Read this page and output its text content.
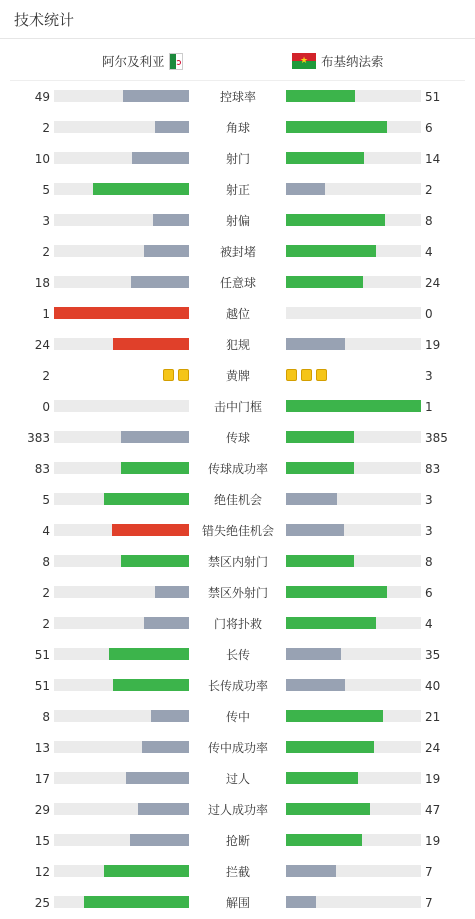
技术统计
阿尔及利亚	★ 布基纳法索
49	控球率	51
2	角球	6
10	射门	14
5	射正	2
3	射偏	8
2	被封堵	4
18	任意球	24
1	越位	0
24	犯规	19
2	黄牌	3
0	击中门框	1
383	传球	385
83	传球成功率	83
5	绝佳机会	3
4	错失绝佳机会	3
8	禁区内射门	8
2	禁区外射门	6
2	门将扑救	4
51	长传	35
51	长传成功率	40
8	传中	21
13	传中成功率	24
17	过人	19
29	过人成功率	47
15	抢断	19
12	拦截	7
25	解围	7
